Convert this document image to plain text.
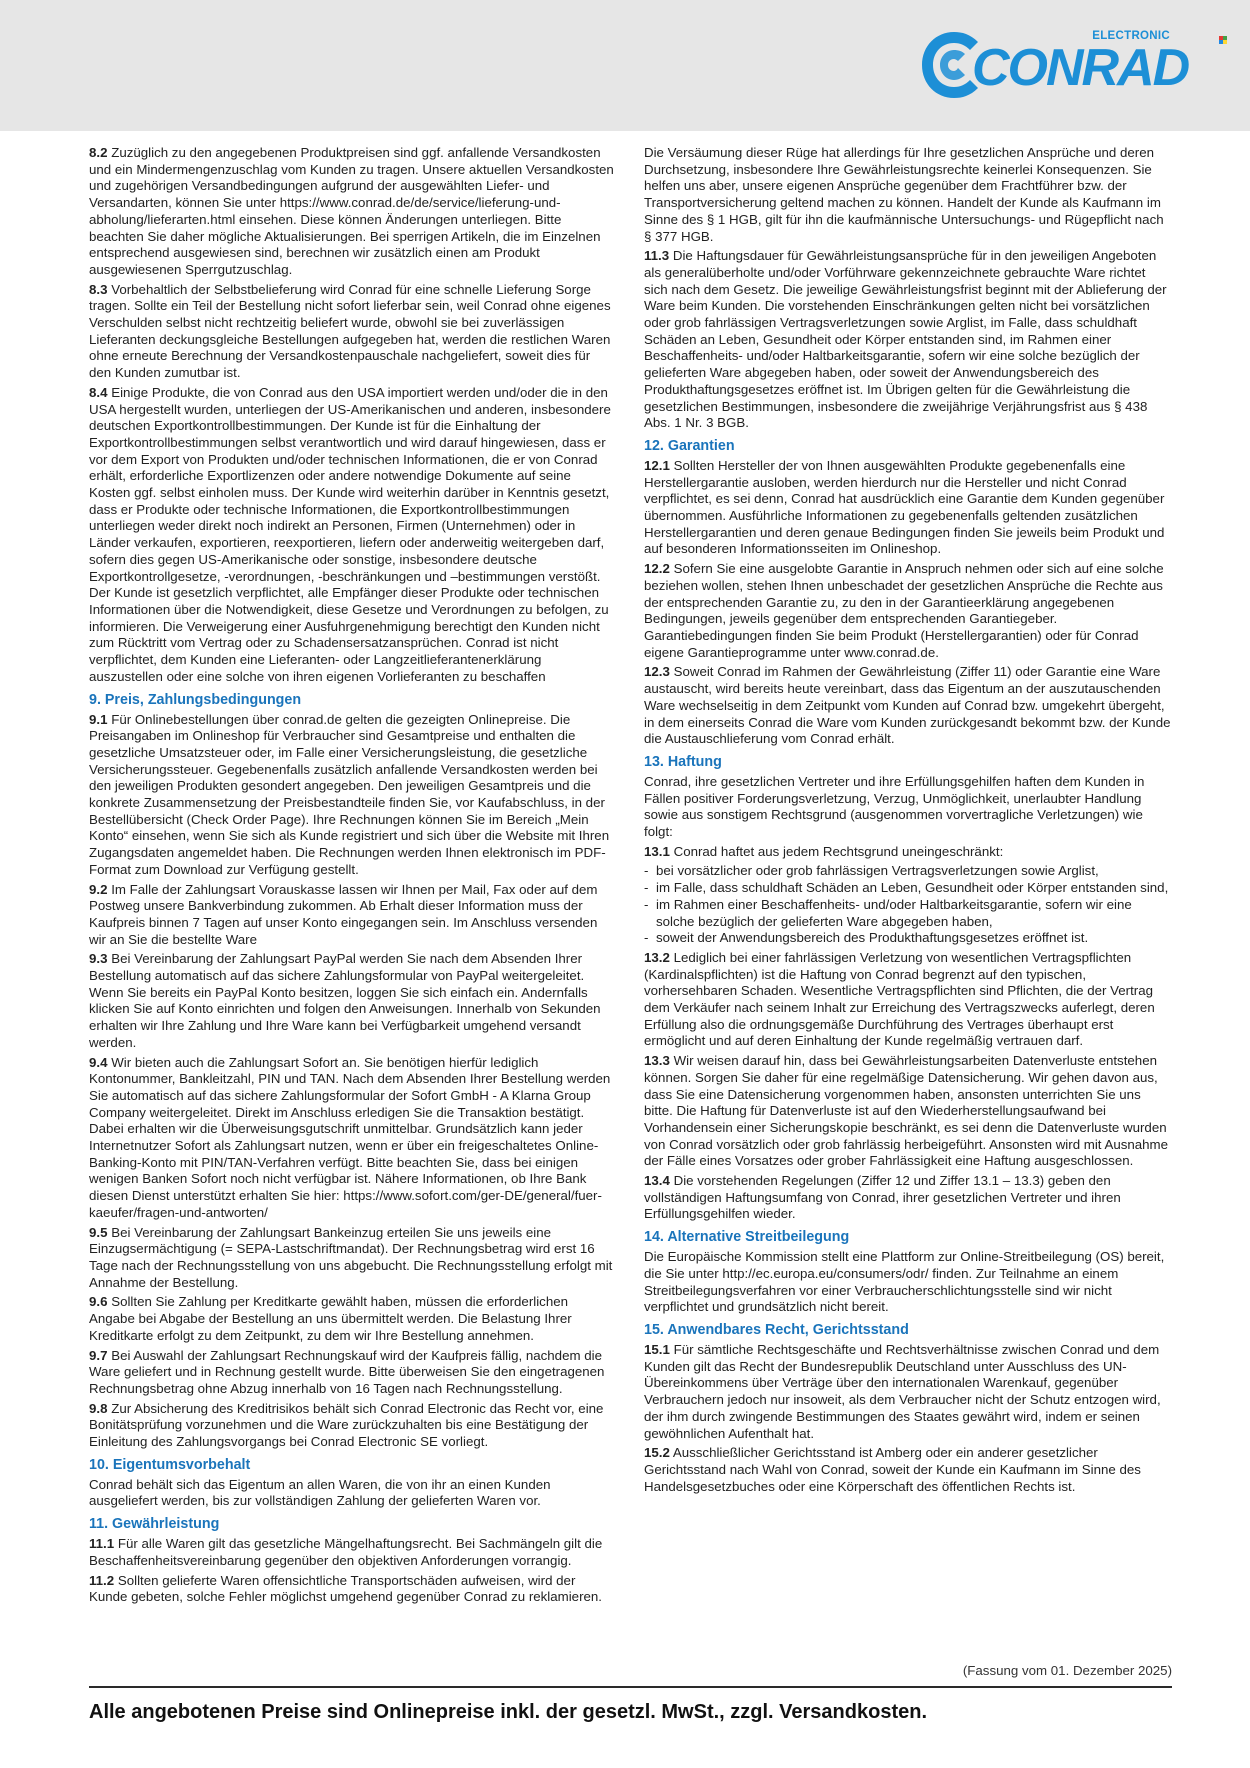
ELECTRONIC
CONRAD

8.2 Zuzüglich zu den angegebenen Produktpreisen sind ggf. anfallende Versandkosten und ein Mindermengenzuschlag vom Kunden zu tragen. Unsere aktuellen Versandkosten und zugehörigen Versandbedingungen aufgrund der ausgewählten Liefer- und Versandarten, können Sie unter https://www.conrad.de/de/service/lieferung-und-abholung/lieferarten.html einsehen. Diese können Änderungen unterliegen. Bitte beachten Sie daher mögliche Aktualisierungen. Bei sperrigen Artikeln, die im Einzelnen entsprechend ausgewiesen sind, berechnen wir zusätzlich einen am Produkt ausgewiesenen Sperrgutzuschlag.

8.3 Vorbehaltlich der Selbstbelieferung wird Conrad für eine schnelle Lieferung Sorge tragen. Sollte ein Teil der Bestellung nicht sofort lieferbar sein, weil Conrad ohne eigenes Verschulden selbst nicht rechtzeitig beliefert wurde, obwohl sie bei zuverlässigen Lieferanten deckungsgleiche Bestellungen aufgegeben hat, werden die restlichen Waren ohne erneute Berechnung der Versandkostenpauschale nachgeliefert, soweit dies für den Kunden zumutbar ist.

8.4 Einige Produkte, die von Conrad aus den USA importiert werden und/oder die in den USA hergestellt wurden, unterliegen der US-Amerikanischen und anderen, insbesondere deutschen Exportkontrollbestimmungen. Der Kunde ist für die Einhaltung der Exportkontrollbestimmungen selbst verantwortlich und wird darauf hingewiesen, dass er vor dem Export von Produkten und/oder technischen Informationen, die er von Conrad erhält, erforderliche Exportlizenzen oder andere notwendige Dokumente auf seine Kosten ggf. selbst einholen muss. Der Kunde wird weiterhin darüber in Kenntnis gesetzt, dass er Produkte oder technische Informationen, die Exportkontrollbestimmungen unterliegen weder direkt noch indirekt an Personen, Firmen (Unternehmen) oder in Länder verkaufen, exportieren, reexportieren, liefern oder anderweitig weitergeben darf, sofern dies gegen US-Amerikanische oder sonstige, insbesondere deutsche Exportkontrollgesetze, -verordnungen, -beschränkungen und –bestimmungen verstößt. Der Kunde ist gesetzlich verpflichtet, alle Empfänger dieser Produkte oder technischen Informationen über die Notwendigkeit, diese Gesetze und Verordnungen zu befolgen, zu informieren. Die Verweigerung einer Ausfuhrgenehmigung berechtigt den Kunden nicht zum Rücktritt vom Vertrag oder zu Schadensersatzansprüchen. Conrad ist nicht verpflichtet, dem Kunden eine Lieferanten- oder Langzeitlieferantenerklärung auszustellen oder eine solche von ihren eigenen Vorlieferanten zu beschaffen

9. Preis, Zahlungsbedingungen

9.1 Für Onlinebestellungen über conrad.de gelten die gezeigten Onlinepreise. Die Preisangaben im Onlineshop für Verbraucher sind Gesamtpreise und enthalten die gesetzliche Umsatzsteuer oder, im Falle einer Versicherungsleistung, die gesetzliche Versicherungssteuer. Gegebenenfalls zusätzlich anfallende Versandkosten werden bei den jeweiligen Produkten gesondert angegeben. Den jeweiligen Gesamtpreis und die konkrete Zusammensetzung der Preisbestandteile finden Sie, vor Kaufabschluss, in der Bestellübersicht (Check Order Page). Ihre Rechnungen können Sie im Bereich „Mein Konto“ einsehen, wenn Sie sich als Kunde registriert und sich über die Website mit Ihren Zugangsdaten angemeldet haben. Die Rechnungen werden Ihnen elektronisch im PDF-Format zum Download zur Verfügung gestellt.

9.2 Im Falle der Zahlungsart Vorauskasse lassen wir Ihnen per Mail, Fax oder auf dem Postweg unsere Bankverbindung zukommen. Ab Erhalt dieser Information muss der Kaufpreis binnen 7 Tagen auf unser Konto eingegangen sein. Im Anschluss versenden wir an Sie die bestellte Ware

9.3 Bei Vereinbarung der Zahlungsart PayPal werden Sie nach dem Absenden Ihrer Bestellung automatisch auf das sichere Zahlungsformular von PayPal weitergeleitet. Wenn Sie bereits ein PayPal Konto besitzen, loggen Sie sich einfach ein. Andernfalls klicken Sie auf Konto einrichten und folgen den Anweisungen. Innerhalb von Sekunden erhalten wir Ihre Zahlung und Ihre Ware kann bei Verfügbarkeit umgehend versandt werden.

9.4 Wir bieten auch die Zahlungsart Sofort an. Sie benötigen hierfür lediglich Kontonummer, Bankleitzahl, PIN und TAN. Nach dem Absenden Ihrer Bestellung werden Sie automatisch auf das sichere Zahlungsformular der Sofort GmbH - A Klarna Group Company weitergeleitet. Direkt im Anschluss erledigen Sie die Transaktion bestätigt. Dabei erhalten wir die Überweisungsgutschrift unmittelbar. Grundsätzlich kann jeder Internetnutzer Sofort als Zahlungsart nutzen, wenn er über ein freigeschaltetes Online-Banking-Konto mit PIN/TAN-Verfahren verfügt. Bitte beachten Sie, dass bei einigen wenigen Banken Sofort noch nicht verfügbar ist. Nähere Informationen, ob Ihre Bank diesen Dienst unterstützt erhalten Sie hier: https://www.sofort.com/ger-DE/general/fuer-kaeufer/fragen-und-antworten/

9.5 Bei Vereinbarung der Zahlungsart Bankeinzug erteilen Sie uns jeweils eine Einzugsermächtigung (= SEPA-Lastschriftmandat). Der Rechnungsbetrag wird erst 16 Tage nach der Rechnungsstellung von uns abgebucht. Die Rechnungsstellung erfolgt mit Annahme der Bestellung.

9.6 Sollten Sie Zahlung per Kreditkarte gewählt haben, müssen die erforderlichen Angabe bei Abgabe der Bestellung an uns übermittelt werden. Die Belastung Ihrer Kreditkarte erfolgt zu dem Zeitpunkt, zu dem wir Ihre Bestellung annehmen.

9.7 Bei Auswahl der Zahlungsart Rechnungskauf wird der Kaufpreis fällig, nachdem die Ware geliefert und in Rechnung gestellt wurde. Bitte überweisen Sie den eingetragenen Rechnungsbetrag ohne Abzug innerhalb von 16 Tagen nach Rechnungsstellung.

9.8 Zur Absicherung des Kreditrisikos behält sich Conrad Electronic das Recht vor, eine Bonitätsprüfung vorzunehmen und die Ware zurückzuhalten bis eine Bestätigung der Einleitung des Zahlungsvorgangs bei Conrad Electronic SE vorliegt.

10. Eigentumsvorbehalt

Conrad behält sich das Eigentum an allen Waren, die von ihr an einen Kunden ausgeliefert werden, bis zur vollständigen Zahlung der gelieferten Waren vor.

11. Gewährleistung

11.1 Für alle Waren gilt das gesetzliche Mängelhaftungsrecht. Bei Sachmängeln gilt die Beschaffenheitsvereinbarung gegenüber den objektiven Anforderungen vorrangig.

11.2 Sollten gelieferte Waren offensichtliche Transportschäden aufweisen, wird der Kunde gebeten, solche Fehler möglichst umgehend gegenüber Conrad zu reklamieren.

Die Versäumung dieser Rüge hat allerdings für Ihre gesetzlichen Ansprüche und deren Durchsetzung, insbesondere Ihre Gewährleistungsrechte keinerlei Konsequenzen. Sie helfen uns aber, unsere eigenen Ansprüche gegenüber dem Frachtführer bzw. der Transportversicherung geltend machen zu können. Handelt der Kunde als Kaufmann im Sinne des § 1 HGB, gilt für ihn die kaufmännische Untersuchungs- und Rügepflicht nach § 377 HGB.

11.3 Die Haftungsdauer für Gewährleistungsansprüche für in den jeweiligen Angeboten als generalüberholte und/oder Vorführware gekennzeichnete gebrauchte Ware richtet sich nach dem Gesetz. Die jeweilige Gewährleistungsfrist beginnt mit der Ablieferung der Ware beim Kunden. Die vorstehenden Einschränkungen gelten nicht bei vorsätzlichen oder grob fahrlässigen Vertragsverletzungen sowie Arglist, im Falle, dass schuldhaft Schäden an Leben, Gesundheit oder Körper entstanden sind, im Rahmen einer Beschaffenheits- und/oder Haltbarkeitsgarantie, sofern wir eine solche bezüglich der gelieferten Ware abgegeben haben, oder soweit der Anwendungsbereich des Produkthaftungsgesetzes eröffnet ist. Im Übrigen gelten für die Gewährleistung die gesetzlichen Bestimmungen, insbesondere die zweijährige Verjährungsfrist aus § 438 Abs. 1 Nr. 3 BGB.

12. Garantien

12.1 Sollten Hersteller der von Ihnen ausgewählten Produkte gegebenenfalls eine Herstellergarantie ausloben, werden hierdurch nur die Hersteller und nicht Conrad verpflichtet, es sei denn, Conrad hat ausdrücklich eine Garantie dem Kunden gegenüber übernommen. Ausführliche Informationen zu gegebenenfalls geltenden zusätzlichen Herstellergarantien und deren genaue Bedingungen finden Sie jeweils beim Produkt und auf besonderen Informationsseiten im Onlineshop.

12.2 Sofern Sie eine ausgelobte Garantie in Anspruch nehmen oder sich auf eine solche beziehen wollen, stehen Ihnen unbeschadet der gesetzlichen Ansprüche die Rechte aus der entsprechenden Garantie zu, zu den in der Garantieerklärung angegebenen Bedingungen, jeweils gegenüber dem entsprechenden Garantiegeber. Garantiebedingungen finden Sie beim Produkt (Herstellergarantien) oder für Conrad eigene Garantieprogramme unter www.conrad.de.

12.3 Soweit Conrad im Rahmen der Gewährleistung (Ziffer 11) oder Garantie eine Ware austauscht, wird bereits heute vereinbart, dass das Eigentum an der auszutauschenden Ware wechselseitig in dem Zeitpunkt vom Kunden auf Conrad bzw. umgekehrt übergeht, in dem einerseits Conrad die Ware vom Kunden zurückgesandt bekommt bzw. der Kunde die Austauschlieferung vom Conrad erhält.

13. Haftung

Conrad, ihre gesetzlichen Vertreter und ihre Erfüllungsgehilfen haften dem Kunden in Fällen positiver Forderungsverletzung, Verzug, Unmöglichkeit, unerlaubter Handlung sowie aus sonstigem Rechtsgrund (ausgenommen vorvertragliche Verletzungen) wie folgt:

13.1 Conrad haftet aus jedem Rechtsgrund uneingeschränkt:

- bei vorsätzlicher oder grob fahrlässigen Vertragsverletzungen sowie Arglist,
- im Falle, dass schuldhaft Schäden an Leben, Gesundheit oder Körper entstanden sind,
- im Rahmen einer Beschaffenheits- und/oder Haltbarkeitsgarantie, sofern wir eine solche bezüglich der gelieferten Ware abgegeben haben,
- soweit der Anwendungsbereich des Produkthaftungsgesetzes eröffnet ist.

13.2 Lediglich bei einer fahrlässigen Verletzung von wesentlichen Vertragspflichten (Kardinalspflichten) ist die Haftung von Conrad begrenzt auf den typischen, vorhersehbaren Schaden. Wesentliche Vertragspflichten sind Pflichten, die der Vertrag dem Verkäufer nach seinem Inhalt zur Erreichung des Vertragszwecks auferlegt, deren Erfüllung also die ordnungsgemäße Durchführung des Vertrages überhaupt erst ermöglicht und auf deren Einhaltung der Kunde regelmäßig vertrauen darf.

13.3 Wir weisen darauf hin, dass bei Gewährleistungsarbeiten Datenverluste entstehen können. Sorgen Sie daher für eine regelmäßige Datensicherung. Wir gehen davon aus, dass Sie eine Datensicherung vorgenommen haben, ansonsten unterrichten Sie uns bitte. Die Haftung für Datenverluste ist auf den Wiederherstellungsaufwand bei Vorhandensein einer Sicherungskopie beschränkt, es sei denn die Datenverluste wurden von Conrad vorsätzlich oder grob fahrlässig herbeigeführt. Ansonsten wird mit Ausnahme der Fälle eines Vorsatzes oder grober Fahrlässigkeit eine Haftung ausgeschlossen.

13.4 Die vorstehenden Regelungen (Ziffer 12 und Ziffer 13.1 – 13.3) geben den vollständigen Haftungsumfang von Conrad, ihrer gesetzlichen Vertreter und ihren Erfüllungsgehilfen wieder.

14. Alternative Streitbeilegung

Die Europäische Kommission stellt eine Plattform zur Online-Streitbeilegung (OS) bereit, die Sie unter http://ec.europa.eu/consumers/odr/ finden. Zur Teilnahme an einem Streitbeilegungsverfahren vor einer Verbraucherschlichtungsstelle sind wir nicht verpflichtet und grundsätzlich nicht bereit.

15. Anwendbares Recht, Gerichtsstand

15.1 Für sämtliche Rechtsgeschäfte und Rechtsverhältnisse zwischen Conrad und dem Kunden gilt das Recht der Bundesrepublik Deutschland unter Ausschluss des UN-Übereinkommens über Verträge über den internationalen Warenkauf, gegenüber Verbrauchern jedoch nur insoweit, als dem Verbraucher nicht der Schutz entzogen wird, der ihm durch zwingende Bestimmungen des Staates gewährt wird, indem er seinen gewöhnlichen Aufenthalt hat.

15.2 Ausschließlicher Gerichtsstand ist Amberg oder ein anderer gesetzlicher Gerichtsstand nach Wahl von Conrad, soweit der Kunde ein Kaufmann im Sinne des Handelsgesetzbuches oder eine Körperschaft des öffentlichen Rechts ist.

(Fassung vom 01. Dezember 2025)
Alle angebotenen Preise sind Onlinepreise inkl. der gesetzl. MwSt., zzgl. Versandkosten.
